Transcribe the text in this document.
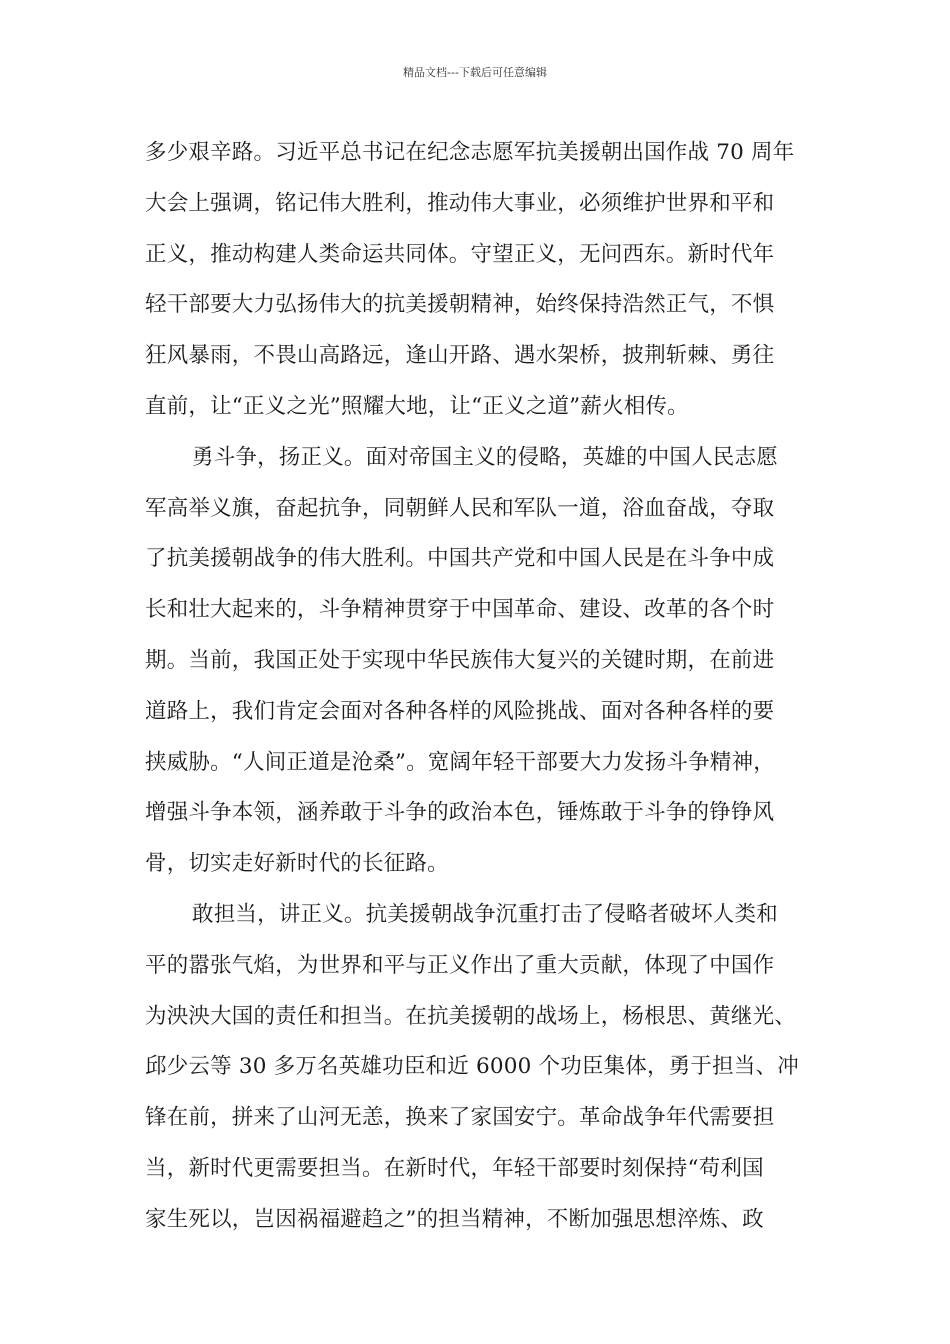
精品文档---下载后可任意编辑
多少艰辛路。习近平总书记在纪念志愿军抗美援朝出国作战 70 周年
大会上强调，铭记伟大胜利，推动伟大事业，必须维护世界和平和
正义，推动构建人类命运共同体。守望正义，无问西东。新时代年
轻干部要大力弘扬伟大的抗美援朝精神，始终保持浩然正气，不惧
狂风暴雨，不畏山高路远，逢山开路、遇水架桥，披荆斩棘、勇往
直前，让“正义之光”照耀大地，让“正义之道”薪火相传。
勇斗争，扬正义。面对帝国主义的侵略，英雄的中国人民志愿
军高举义旗，奋起抗争，同朝鲜人民和军队一道，浴血奋战，夺取
了抗美援朝战争的伟大胜利。中国共产党和中国人民是在斗争中成
长和壮大起来的，斗争精神贯穿于中国革命、建设、改革的各个时
期。当前，我国正处于实现中华民族伟大复兴的关键时期，在前进
道路上，我们肯定会面对各种各样的风险挑战、面对各种各样的要
挟威胁。“人间正道是沧桑”。宽阔年轻干部要大力发扬斗争精神，
增强斗争本领，涵养敢于斗争的政治本色，锤炼敢于斗争的铮铮风
骨，切实走好新时代的长征路。
敢担当，讲正义。抗美援朝战争沉重打击了侵略者破坏人类和
平的嚣张气焰，为世界和平与正义作出了重大贡献，体现了中国作
为泱泱大国的责任和担当。在抗美援朝的战场上，杨根思、黄继光、
邱少云等 30 多万名英雄功臣和近 6000 个功臣集体，勇于担当、冲
锋在前，拼来了山河无恙，换来了家国安宁。革命战争年代需要担
当，新时代更需要担当。在新时代，年轻干部要时刻保持“苟利国
家生死以，岂因祸福避趋之”的担当精神，不断加强思想淬炼、政
